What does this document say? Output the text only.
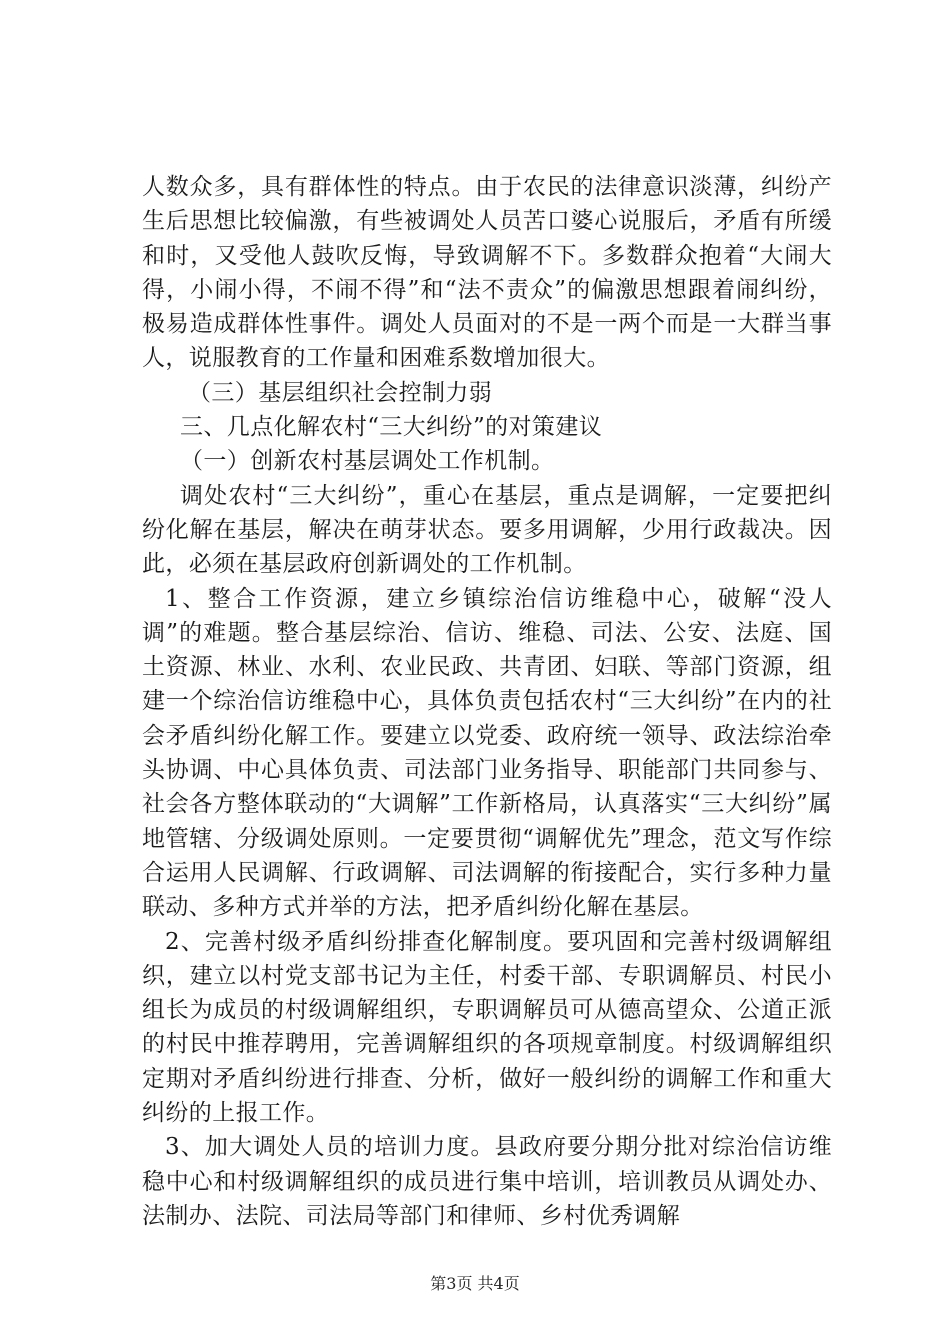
人数众多，具有群体性的特点。由于农民的法律意识淡薄，纠纷产生后思想比较偏激，有些被调处人员苦口婆心说服后，矛盾有所缓和时，又受他人鼓吹反悔，导致调解不下。多数群众抱着“大闹大得，小闹小得，不闹不得”和“法不责众”的偏激思想跟着闹纠纷，极易造成群体性事件。调处人员面对的不是一两个而是一大群当事人，说服教育的工作量和困难系数增加很大。

（三）基层组织社会控制力弱

三、几点化解农村“三大纠纷”的对策建议

（一）创新农村基层调处工作机制。

调处农村“三大纠纷”，重心在基层，重点是调解，一定要把纠纷化解在基层，解决在萌芽状态。要多用调解，少用行政裁决。因此，必须在基层政府创新调处的工作机制。

1、整合工作资源，建立乡镇综治信访维稳中心，破解“没人调”的难题。整合基层综治、信访、维稳、司法、公安、法庭、国土资源、林业、水利、农业民政、共青团、妇联、等部门资源，组建一个综治信访维稳中心，具体负责包括农村“三大纠纷”在内的社会矛盾纠纷化解工作。要建立以党委、政府统一领导、政法综治牵头协调、中心具体负责、司法部门业务指导、职能部门共同参与、社会各方整体联动的“大调解”工作新格局，认真落实“三大纠纷”属地管辖、分级调处原则。一定要贯彻“调解优先”理念，范文写作综合运用人民调解、行政调解、司法调解的衔接配合，实行多种力量联动、多种方式并举的方法，把矛盾纠纷化解在基层。

2、完善村级矛盾纠纷排查化解制度。要巩固和完善村级调解组织，建立以村党支部书记为主任，村委干部、专职调解员、村民小组长为成员的村级调解组织，专职调解员可从德高望众、公道正派的村民中推荐聘用，完善调解组织的各项规章制度。村级调解组织定期对矛盾纠纷进行排查、分析，做好一般纠纷的调解工作和重大纠纷的上报工作。

3、加大调处人员的培训力度。县政府要分期分批对综治信访维稳中心和村级调解组织的成员进行集中培训，培训教员从调处办、法制办、法院、司法局等部门和律师、乡村优秀调解

第3页 共4页
